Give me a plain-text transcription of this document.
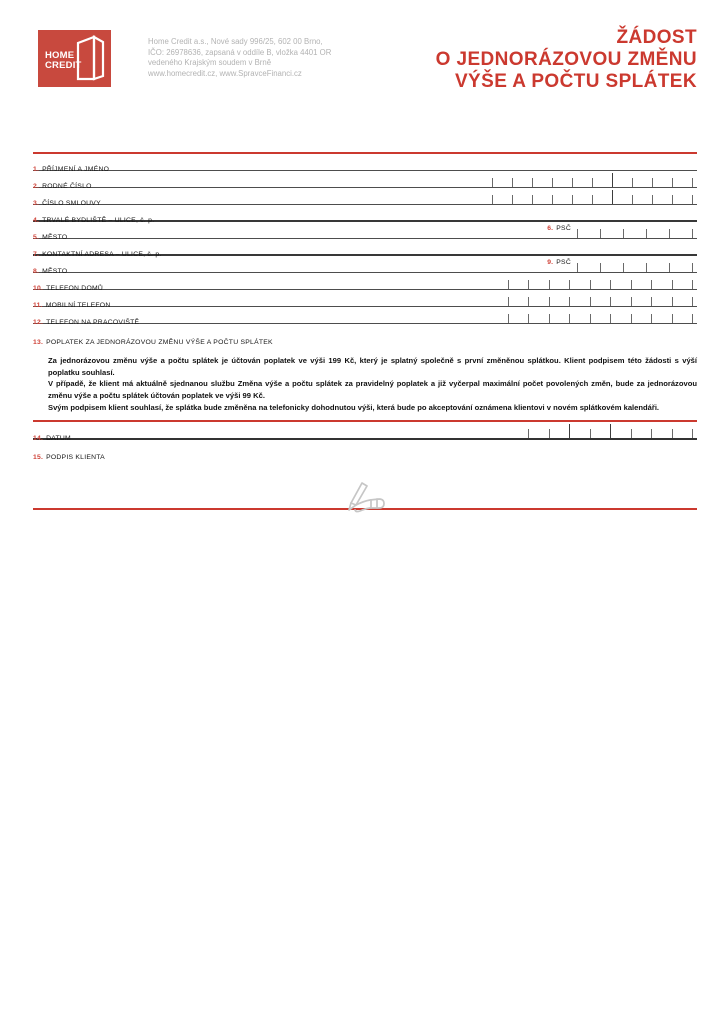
HOME
CREDIT
Home Credit a.s., Nové sady 996/25, 602 00 Brno,
IČO: 26978636, zapsaná v oddíle B, vložka 4401 OR
vedeného Krajským soudem v Brně
www.homecredit.cz, www.SpravceFinanci.cz
ŽÁDOST
O JEDNORÁZOVOU ZMĚNU
VÝŠE A POČTU SPLÁTEK
1. PŘÍJMENÍ A JMÉNO
2. RODNÉ ČÍSLO
3. ČÍSLO SMLOUVY
4. TRVALÉ BYDLIŠTĚ – ULICE, č. p.
5. MĚSTO
6. PSČ
7. KONTAKTNÍ ADRESA – ULICE, č. p.
8. MĚSTO
9. PSČ
10. TELEFON DOMŮ
11. MOBILNÍ TELEFON
12. TELEFON NA PRACOVIŠTĚ
13. POPLATEK ZA JEDNORÁZOVOU ZMĚNU VÝŠE A POČTU SPLÁTEK

Za jednorázovou změnu výše a počtu splátek je účtován poplatek ve výši 199 Kč, který je splatný společně s první změněnou splátkou. Klient podpisem této žádosti s výší poplatku souhlasí.

V případě, že klient má aktuálně sjednanou službu Změna výše a počtu splátek za pravidelný poplatek a již vyčerpal maximální počet povolených změn, bude za jednorázovou změnu výše a počtu splátek účtován poplatek ve výši 99 Kč.

Svým podpisem klient souhlasí, že splátka bude změněna na telefonicky dohodnutou výši, která bude po akceptování oznámena klientovi v novém splátkovém kalendáři.

14. DATUM
15. PODPIS KLIENTA
